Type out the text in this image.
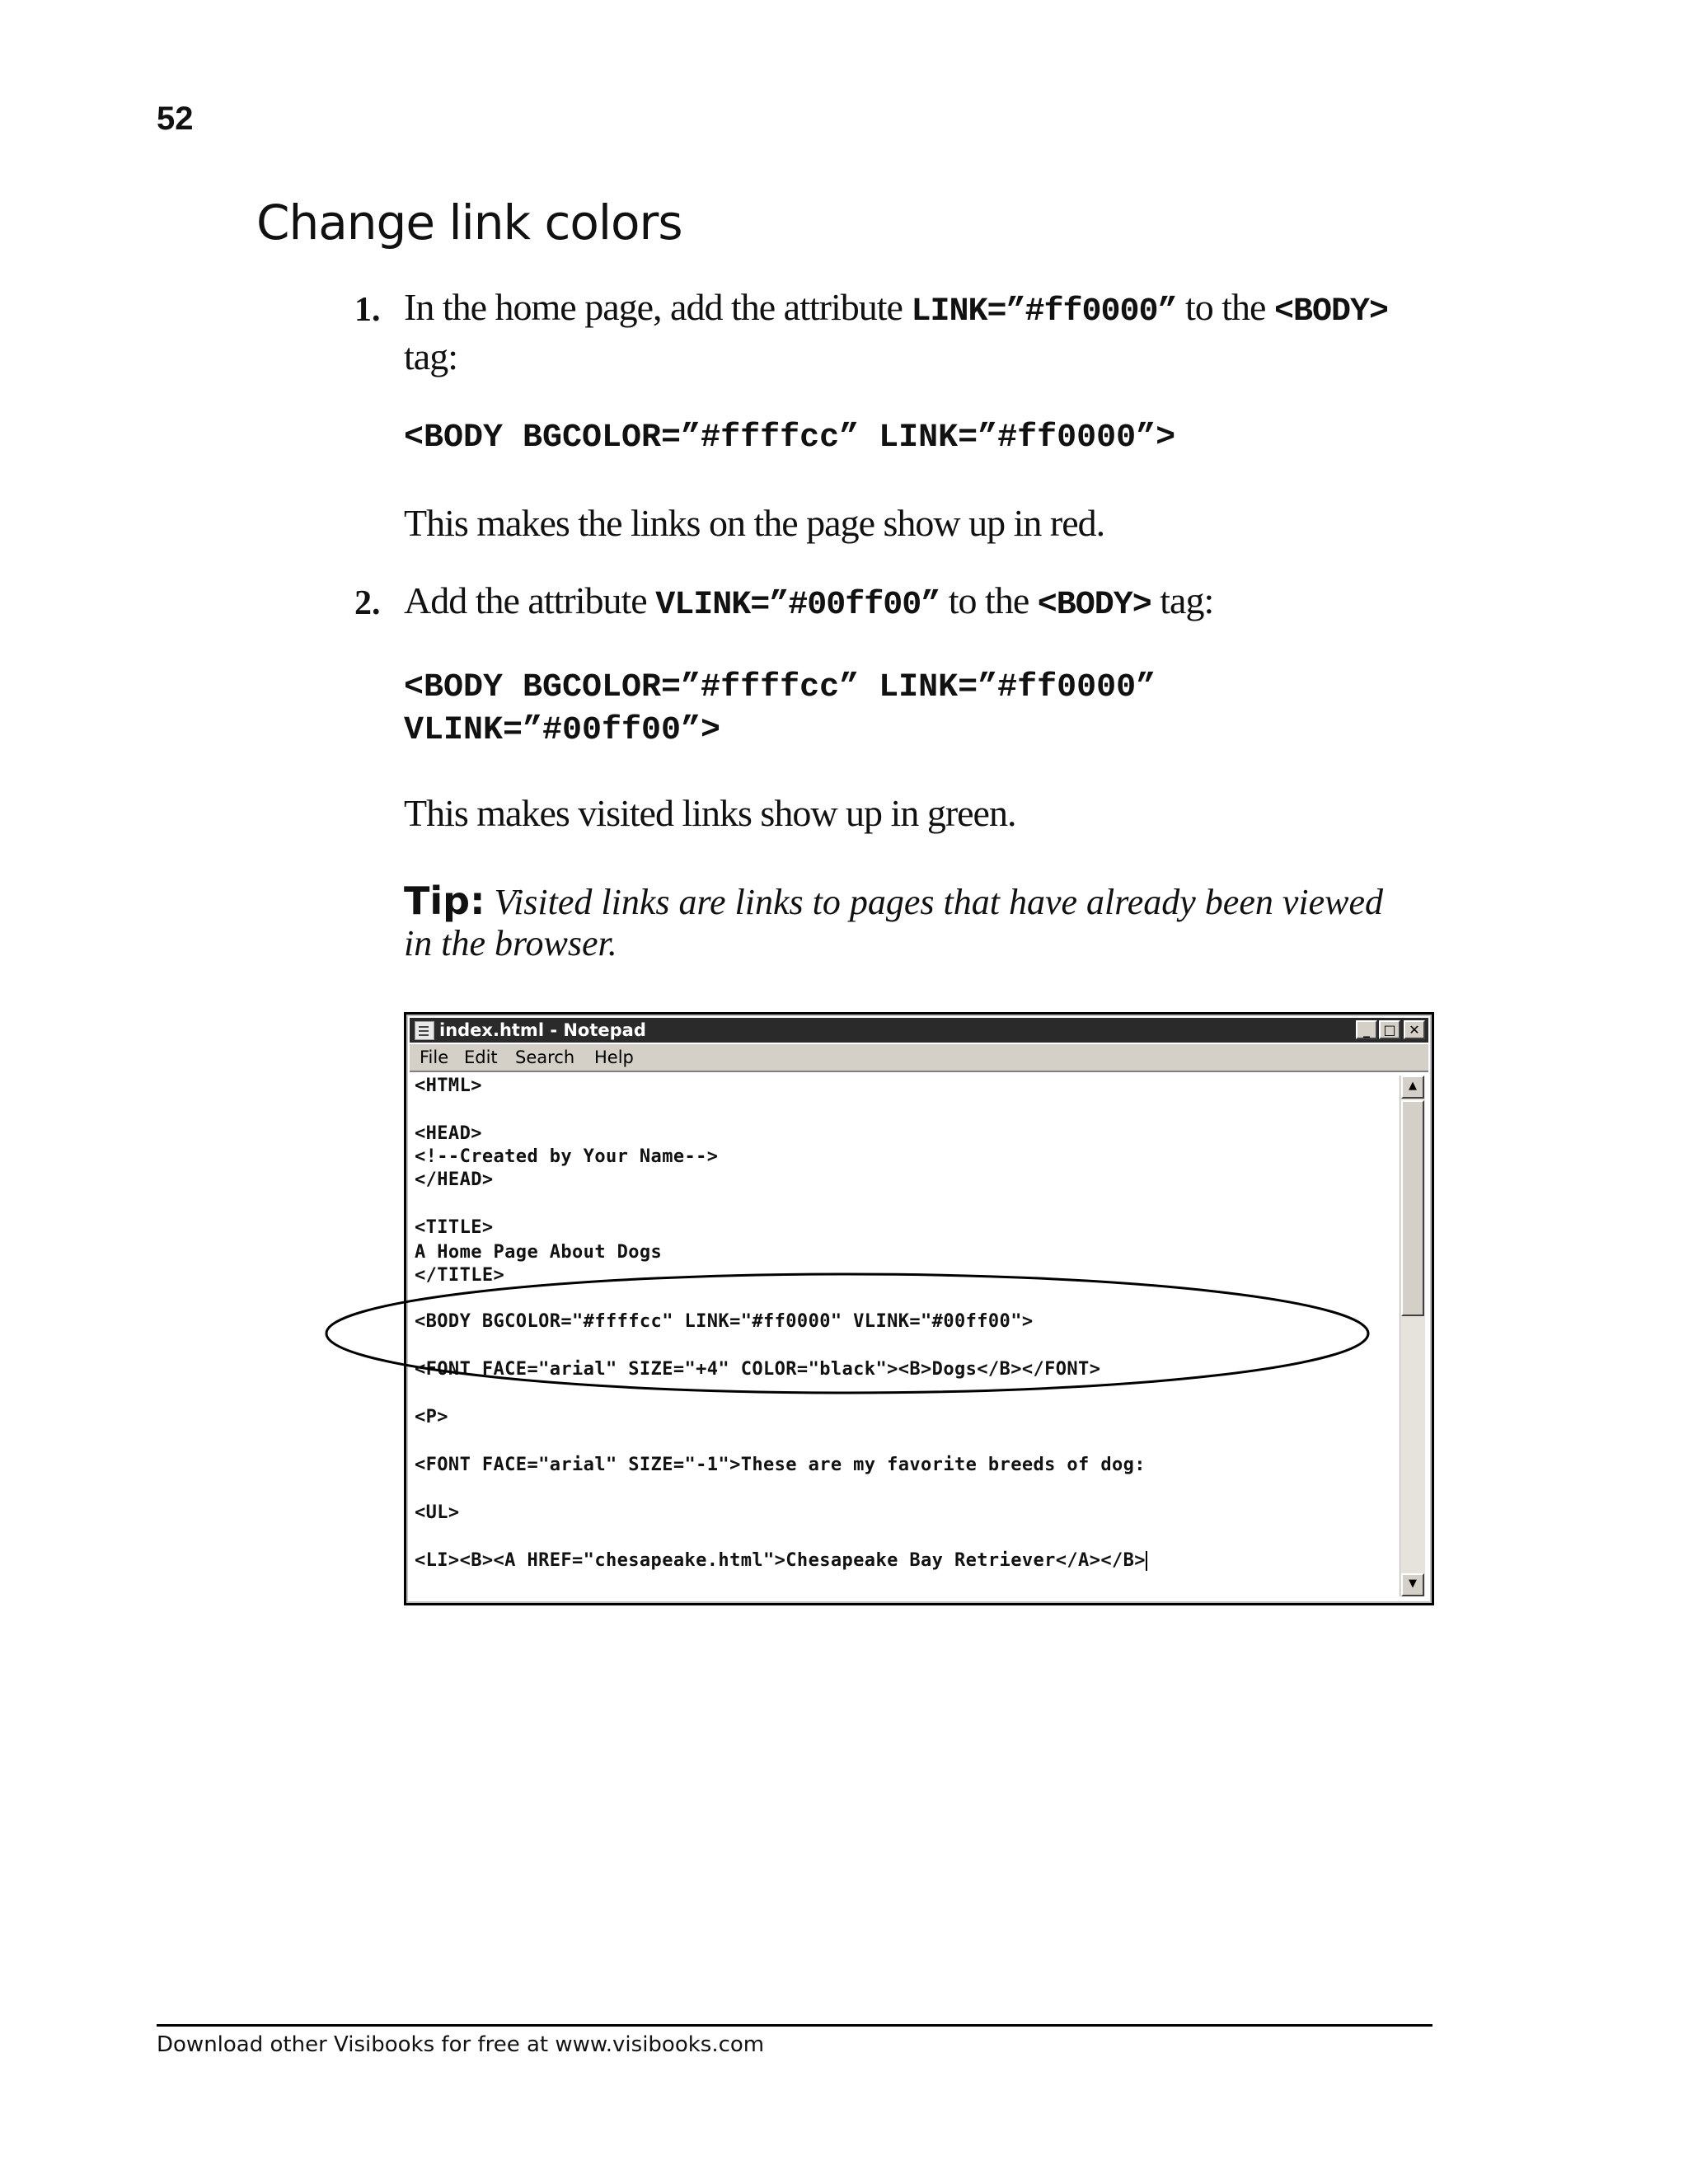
52
Change link colors
1. In the home page, add the attribute LINK=”#ff0000” to the <BODY> tag:

<BODY BGCOLOR=”#ffffcc” LINK=”#ff0000”>

This makes the links on the page show up in red.

2. Add the attribute VLINK=”#00ff00” to the <BODY> tag:

<BODY BGCOLOR=”#ffffcc” LINK=”#ff0000”
VLINK=”#00ff00”>

This makes visited links show up in green.

Tip: Visited links are links to pages that have already been viewed in the browser.

index.html - Notepad	_	□ ✕
File Edit Search Help
<HTML>
<HEAD>
<!--Created by Your Name-->
</HEAD>
<TITLE>
A Home Page About Dogs
</TITLE>
<BODY BGCOLOR="#ffffcc" LINK="#ff0000" VLINK="#00ff00">
<FONT FACE="arial" SIZE="+4" COLOR="black"><B>Dogs</B></FONT>
<P>
<FONT FACE="arial" SIZE="-1">These are my favorite breeds of dog:
<UL>
<LI><B><A HREF="chesapeake.html">Chesapeake Bay Retriever</A></B>
▲
▼
Download other Visibooks for free at www.visibooks.com
